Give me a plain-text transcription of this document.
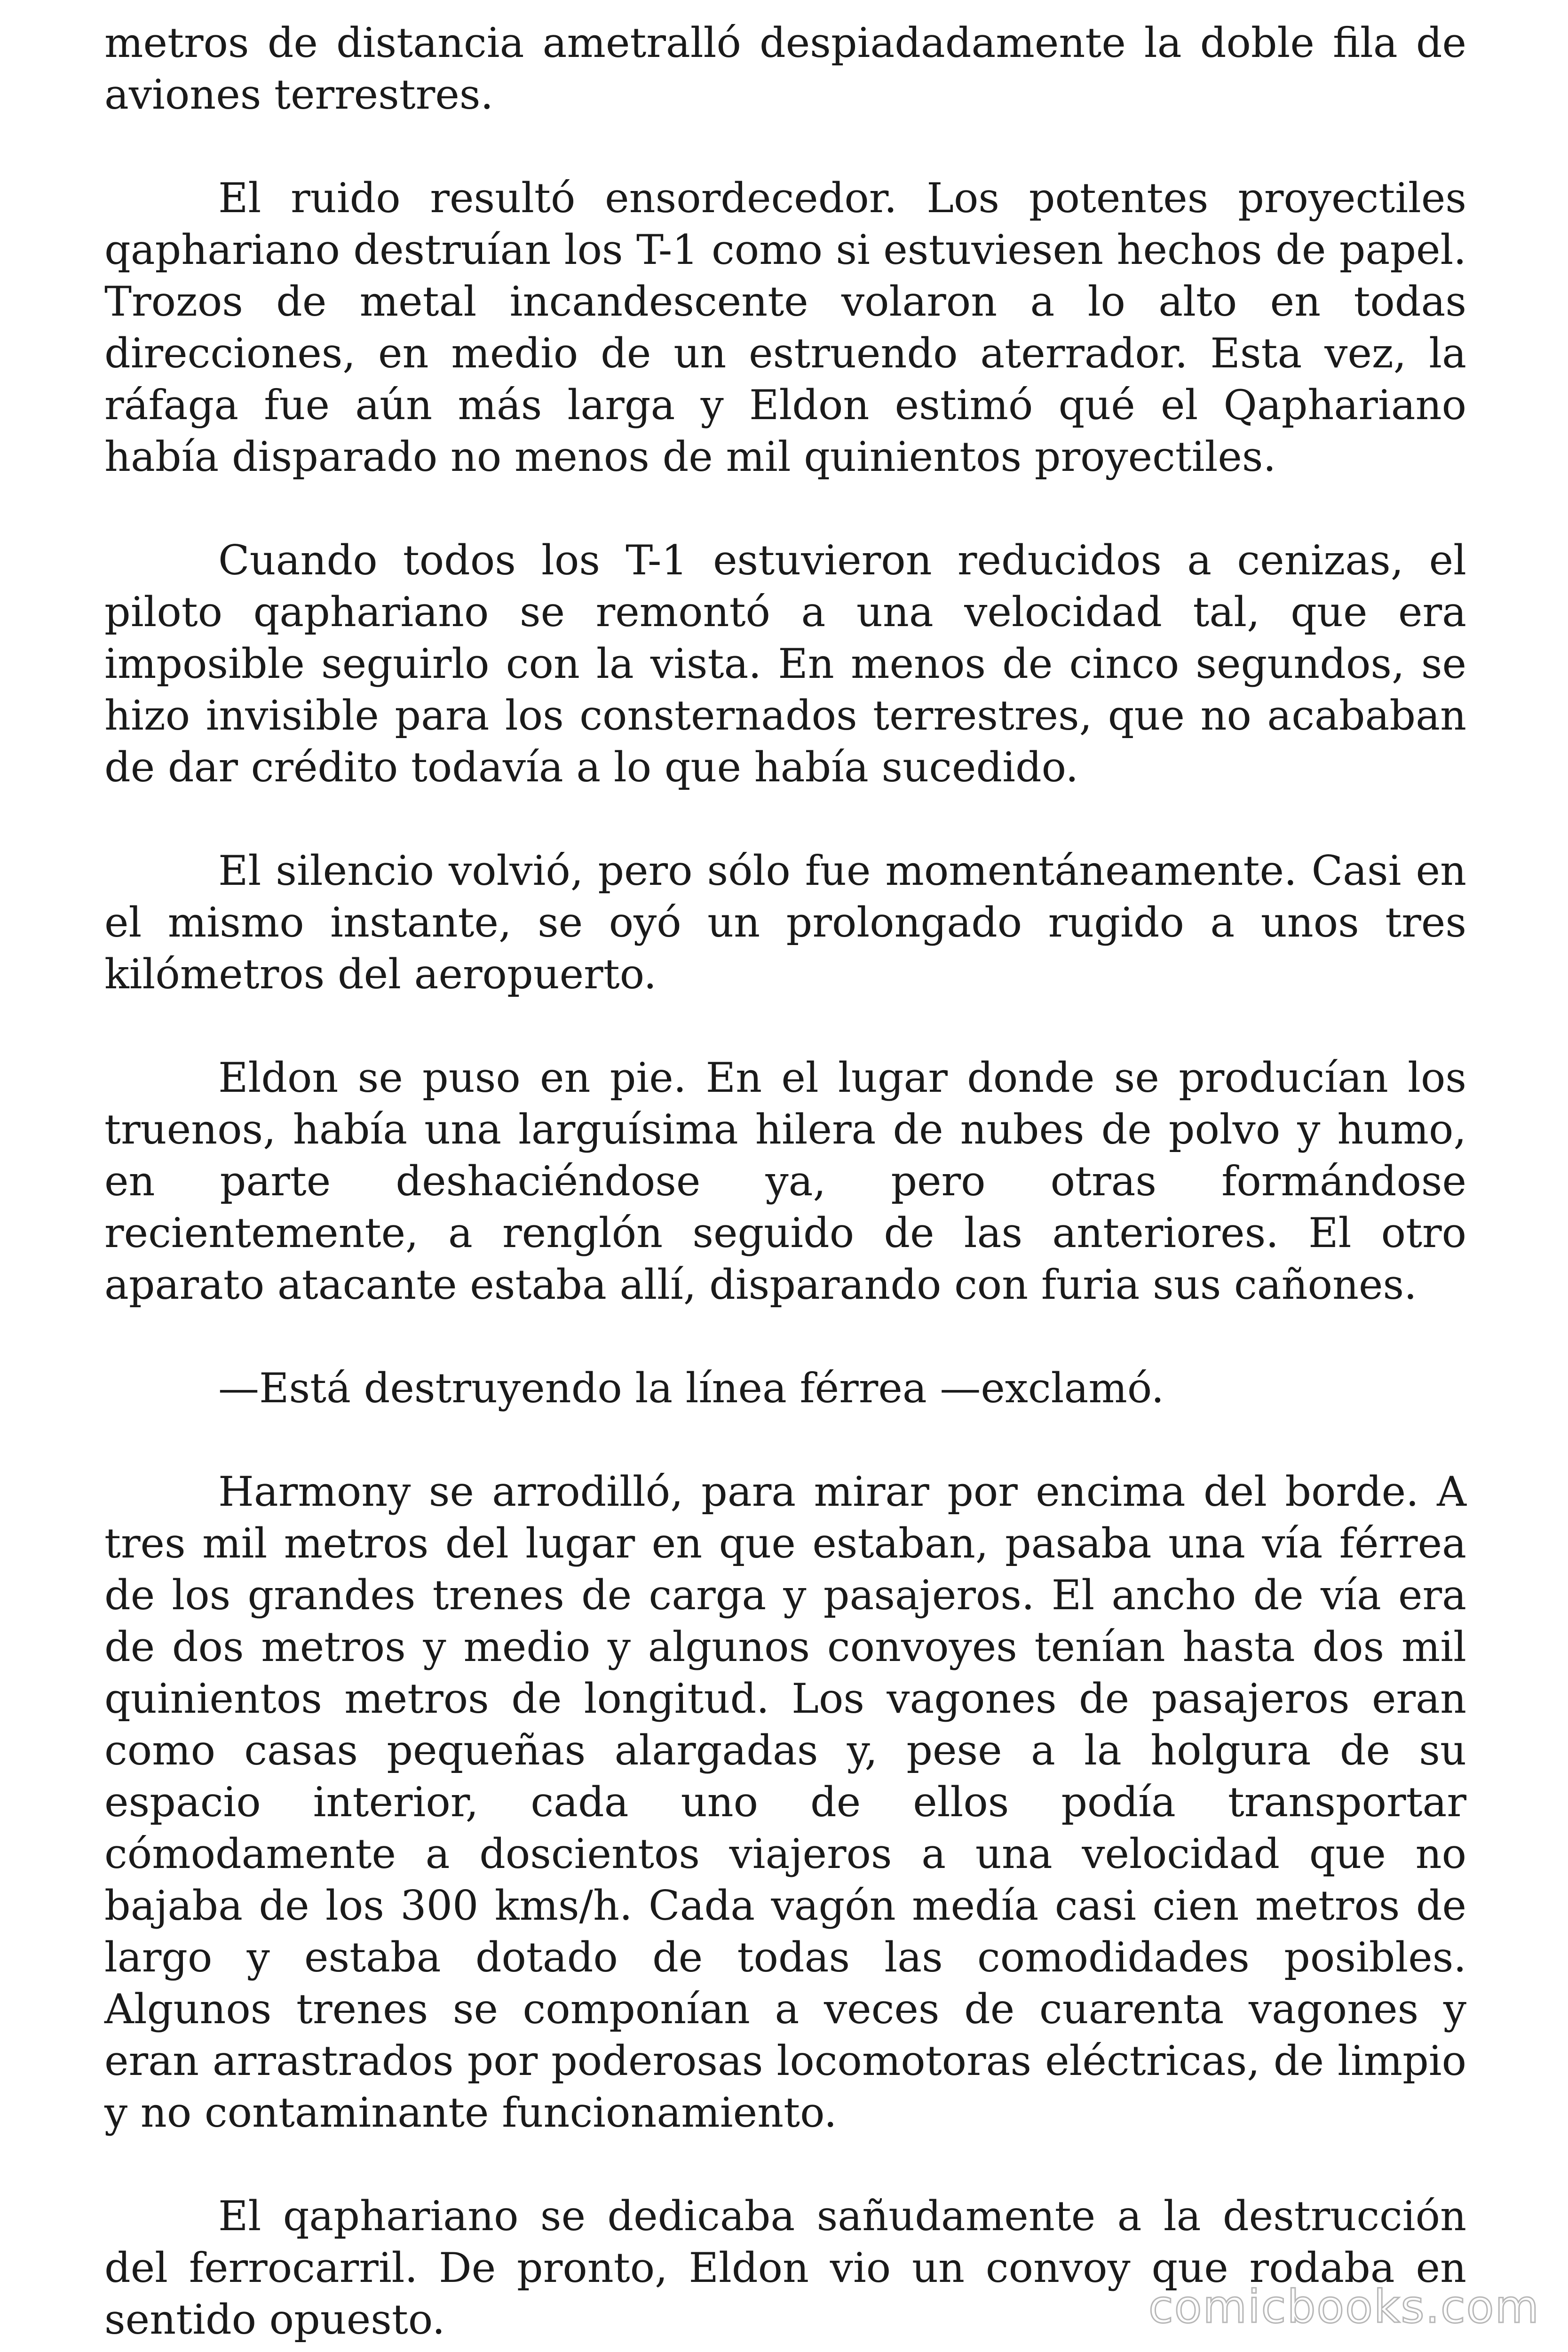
metros de distancia ametralló despiadadamente la doble fila de aviones terrestres.

El ruido resultó ensordecedor. Los potentes proyectiles qaphariano destruían los T-1 como si estuviesen hechos de papel. Trozos de metal incandescente volaron a lo alto en todas direcciones, en medio de un estruendo aterrador. Esta vez, la ráfaga fue aún más larga y Eldon estimó qué el Qaphariano había disparado no menos de mil quinientos proyectiles.

Cuando todos los T-1 estuvieron reducidos a cenizas, el piloto qaphariano se remontó a una velocidad tal, que era imposible seguirlo con la vista. En menos de cinco segundos, se hizo invisible para los consternados terrestres, que no acababan de dar crédito todavía a lo que había sucedido.

El silencio volvió, pero sólo fue momentáneamente. Casi en el mismo instante, se oyó un prolongado rugido a unos tres kilómetros del aeropuerto.

Eldon se puso en pie. En el lugar donde se producían los truenos, había una larguísima hilera de nubes de polvo y humo, en parte deshaciéndose ya, pero otras formándose recientemente, a renglón seguido de las anteriores. El otro aparato atacante estaba allí, disparando con furia sus cañones.

—Está destruyendo la línea férrea —exclamó.

Harmony se arrodilló, para mirar por encima del borde. A tres mil metros del lugar en que estaban, pasaba una vía férrea de los grandes trenes de carga y pasajeros. El ancho de vía era de dos metros y medio y algunos convoyes tenían hasta dos mil quinientos metros de longitud. Los vagones de pasajeros eran como casas pequeñas alargadas y, pese a la holgura de su espacio interior, cada uno de ellos podía transportar cómodamente a doscientos viajeros a una velocidad que no bajaba de los 300 kms/h. Cada vagón medía casi cien metros de largo y estaba dotado de todas las comodidades posibles. Algunos trenes se componían a veces de cuarenta vagones y eran arrastrados por poderosas locomotoras eléctricas, de limpio y no contaminante funcionamiento.

El qaphariano se dedicaba sañudamente a la destrucción del ferrocarril. De pronto, Eldon vio un convoy que rodaba en sentido opuesto.	comicbooks.com
